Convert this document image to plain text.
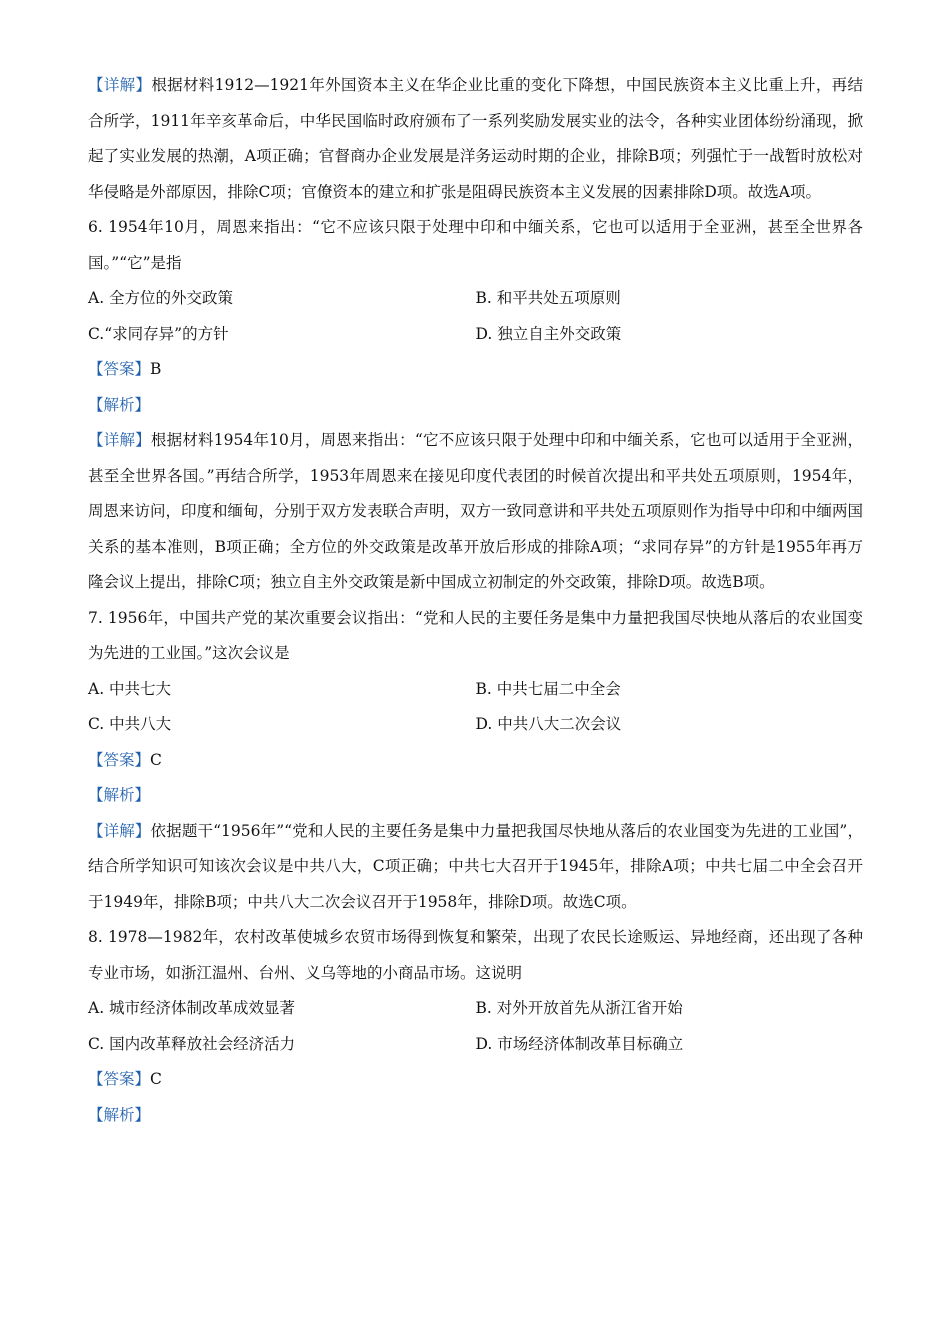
【详解】根据材料1912—1921年外国资本主义在华企业比重的变化下降想，中国民族资本主义比重上升，再结合所学，1911年辛亥革命后，中华民国临时政府颁布了一系列奖励发展实业的法令，各种实业团体纷纷涌现，掀起了实业发展的热潮，A项正确；官督商办企业发展是洋务运动时期的企业，排除B项；列强忙于一战暂时放松对华侵略是外部原因，排除C项；官僚资本的建立和扩张是阻碍民族资本主义发展的因素排除D项。故选A项。

6. 1954年10月，周恩来指出：“它不应该只限于处理中印和中缅关系，它也可以适用于全亚洲，甚至全世界各国。”“它”是指

A. 全方位的外交政策	B. 和平共处五项原则
C.“求同存异”的方针	D. 独立自主外交政策
【答案】B
【解析】

【详解】根据材料1954年10月，周恩来指出：“它不应该只限于处理中印和中缅关系，它也可以适用于全亚洲，甚至全世界各国。”再结合所学，1953年周恩来在接见印度代表团的时候首次提出和平共处五项原则，1954年，周恩来访问，印度和缅甸，分别于双方发表联合声明，双方一致同意讲和平共处五项原则作为指导中印和中缅两国关系的基本准则，B项正确；全方位的外交政策是改革开放后形成的排除A项；“求同存异”的方针是1955年再万隆会议上提出，排除C项；独立自主外交政策是新中国成立初制定的外交政策，排除D项。故选B项。

7. 1956年，中国共产党的某次重要会议指出：“党和人民的主要任务是集中力量把我国尽快地从落后的农业国变为先进的工业国。”这次会议是

A. 中共七大	B. 中共七届二中全会
C. 中共八大	D. 中共八大二次会议
【答案】C
【解析】

【详解】依据题干“1956年”“党和人民的主要任务是集中力量把我国尽快地从落后的农业国变为先进的工业国”，结合所学知识可知该次会议是中共八大，C项正确；中共七大召开于1945年，排除A项；中共七届二中全会召开于1949年，排除B项；中共八大二次会议召开于1958年，排除D项。故选C项。

8. 1978—1982年，农村改革使城乡农贸市场得到恢复和繁荣，出现了农民长途贩运、异地经商，还出现了各种专业市场，如浙江温州、台州、义乌等地的小商品市场。这说明

A. 城市经济体制改革成效显著	B. 对外开放首先从浙江省开始
C. 国内改革释放社会经济活力	D. 市场经济体制改革目标确立
【答案】C
【解析】
